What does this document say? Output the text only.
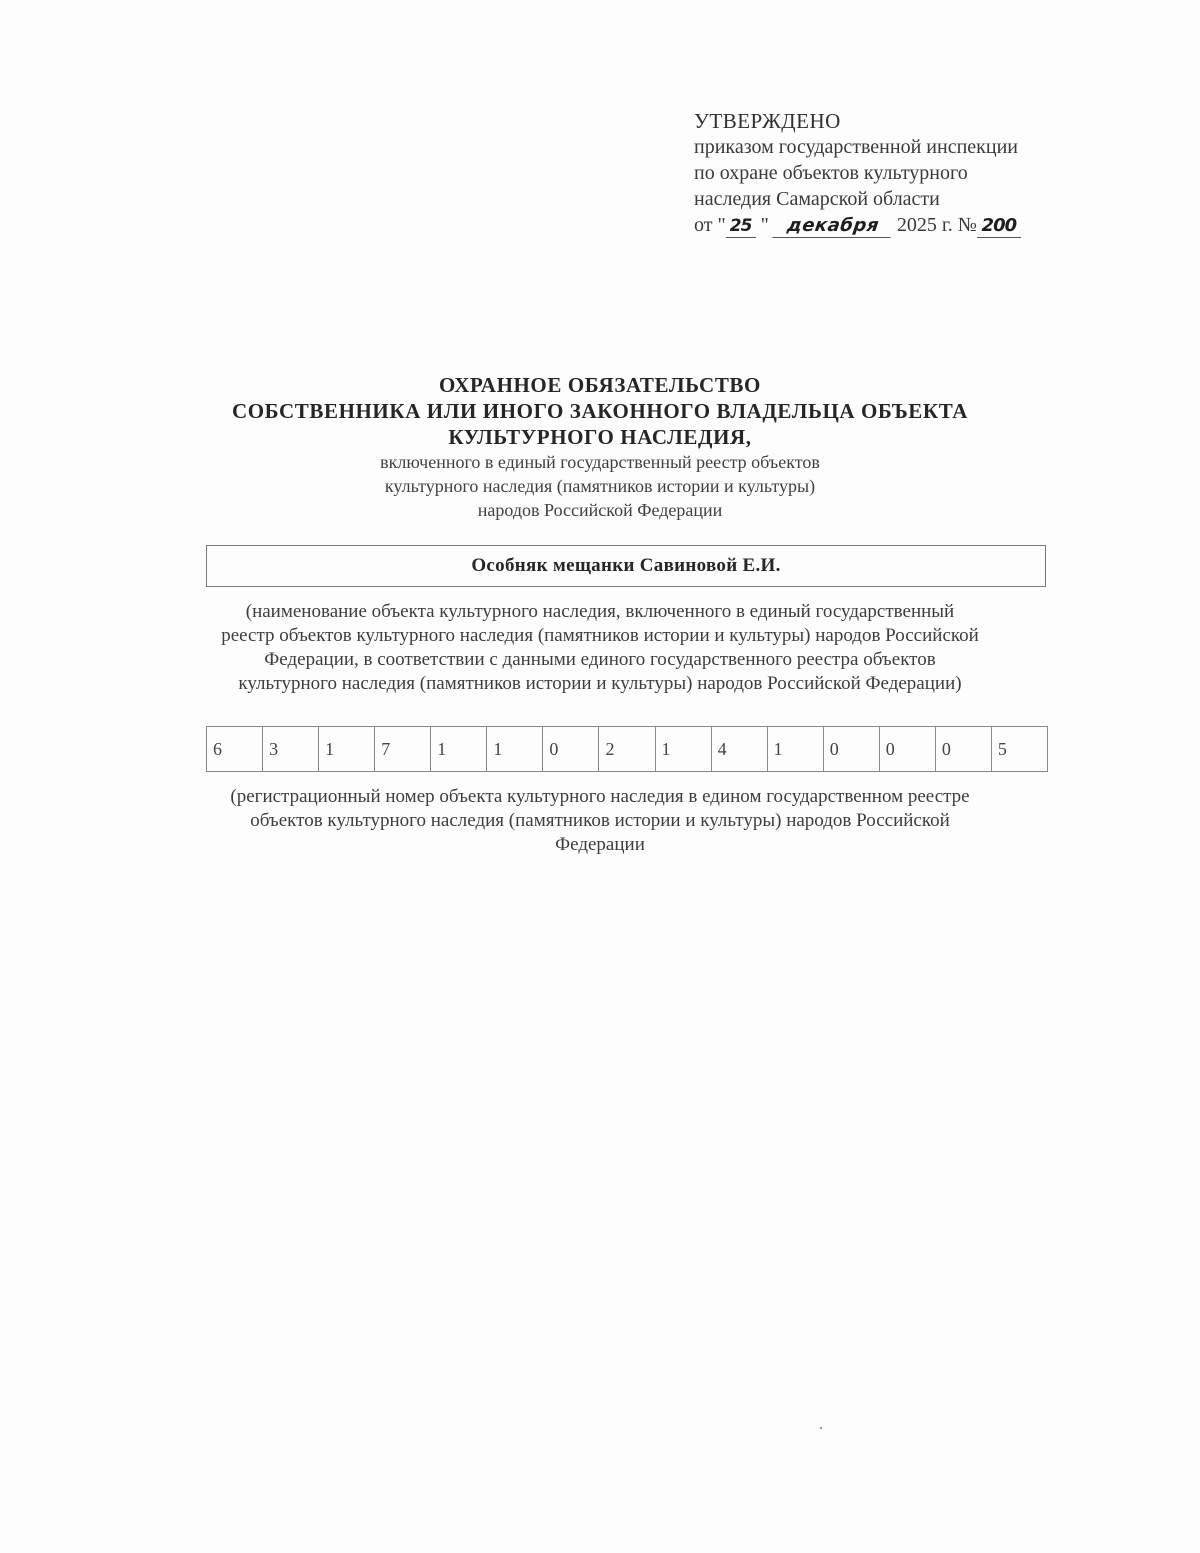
УТВЕРЖДЕНО
приказом государственной инспекции
по охране объектов культурного
наследия Самарской области
от " 25 " декабря 2025 г. № 200
ОХРАННОЕ ОБЯЗАТЕЛЬСТВО
СОБСТВЕННИКА ИЛИ ИНОГО ЗАКОННОГО ВЛАДЕЛЬЦА ОБЪЕКТА
КУЛЬТУРНОГО НАСЛЕДИЯ,
включенного в единый государственный реестр объектов
культурного наследия (памятников истории и культуры)
народов Российской Федерации
Особняк мещанки Савиновой Е.И.
(наименование объекта культурного наследия, включенного в единый государственный
реестр объектов культурного наследия (памятников истории и культуры) народов Российской
Федерации, в соответствии с данными единого государственного реестра объектов
культурного наследия (памятников истории и культуры) народов Российской Федерации)
6	3	1	7	1	1	0	2	1	4	1	0	0	0	5
(регистрационный номер объекта культурного наследия в едином государственном реестре
объектов культурного наследия (памятников истории и культуры) народов Российской
Федерации
